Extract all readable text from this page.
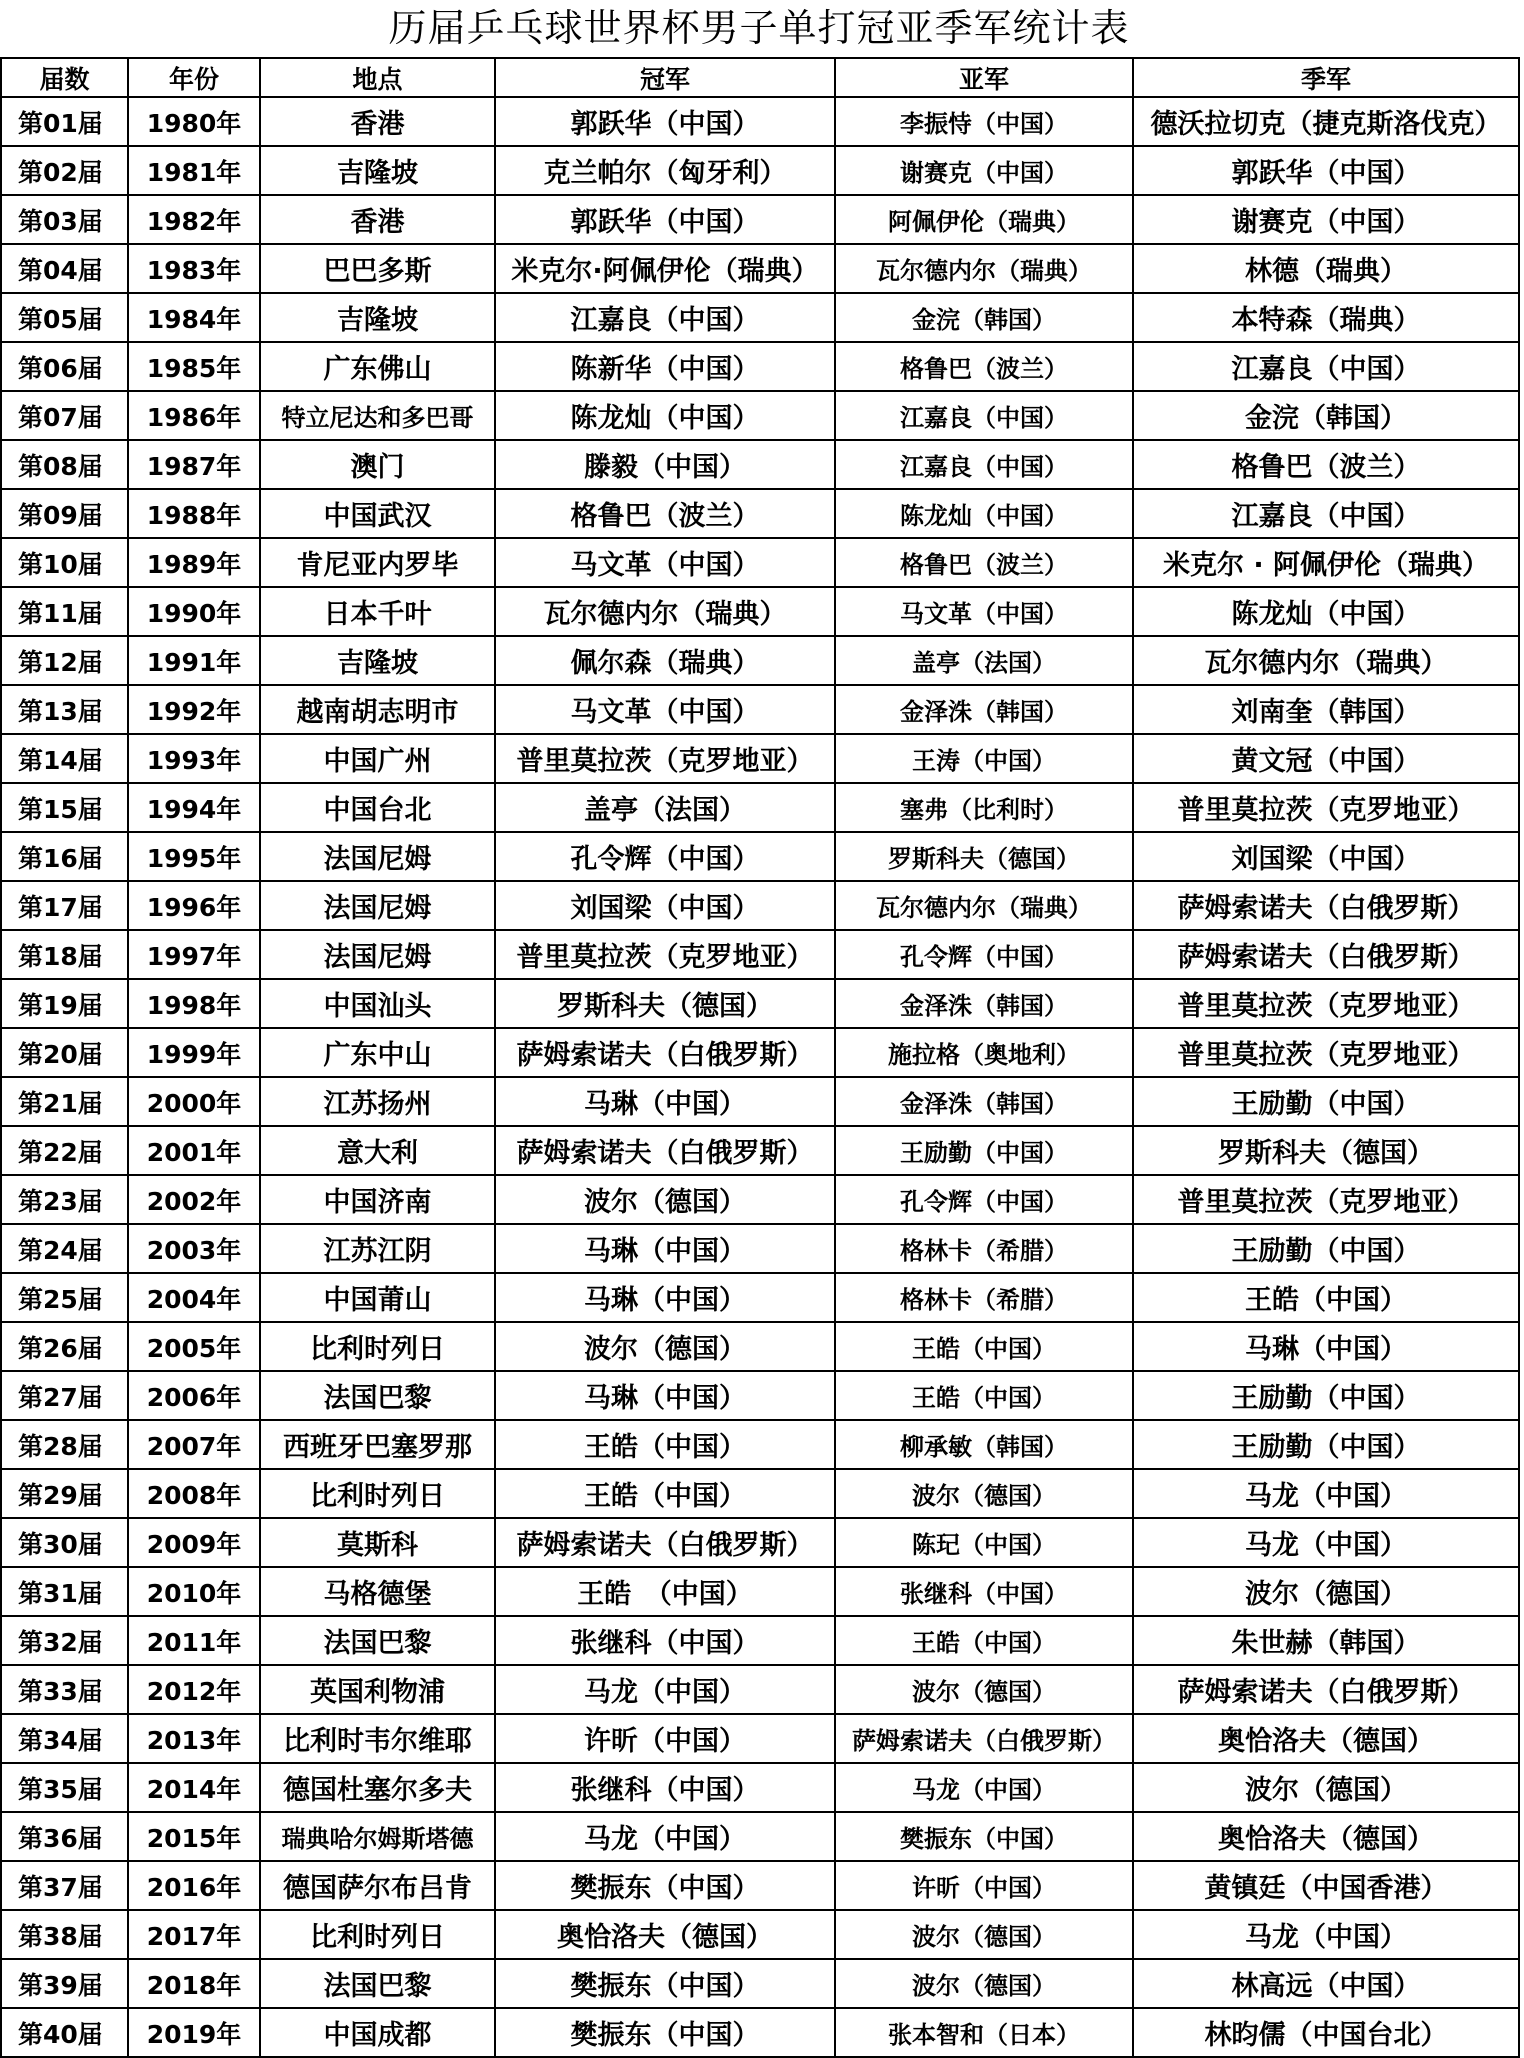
历届乒乓球世界杯男子单打冠亚季军统计表
届数	年份	地点	冠军	亚军	季军
第01届	1980年	香港	郭跃华（中国）	李振恃（中国）	德沃拉切克（捷克斯洛伐克）
第02届	1981年	吉隆坡	克兰帕尔（匈牙利）	谢赛克（中国）	郭跃华（中国）
第03届	1982年	香港	郭跃华（中国）	阿佩伊伦（瑞典）	谢赛克（中国）
第04届	1983年	巴巴多斯	米克尔·阿佩伊伦（瑞典）	瓦尔德内尔（瑞典）	林德（瑞典）
第05届	1984年	吉隆坡	江嘉良（中国）	金浣（韩国）	本特森（瑞典）
第06届	1985年	广东佛山	陈新华（中国）	格鲁巴（波兰）	江嘉良（中国）
第07届	1986年	特立尼达和多巴哥	陈龙灿（中国）	江嘉良（中国）	金浣（韩国）
第08届	1987年	澳门	滕毅（中国）	江嘉良（中国）	格鲁巴（波兰）
第09届	1988年	中国武汉	格鲁巴（波兰）	陈龙灿（中国）	江嘉良（中国）
第10届	1989年	肯尼亚内罗毕	马文革（中国）	格鲁巴（波兰）	米克尔 · 阿佩伊伦（瑞典）
第11届	1990年	日本千叶	瓦尔德内尔（瑞典）	马文革（中国）	陈龙灿（中国）
第12届	1991年	吉隆坡	佩尔森（瑞典）	盖亭（法国）	瓦尔德内尔（瑞典）
第13届	1992年	越南胡志明市	马文革（中国）	金泽洙（韩国）	刘南奎（韩国）
第14届	1993年	中国广州	普里莫拉茨（克罗地亚）	王涛（中国）	黄文冠（中国）
第15届	1994年	中国台北	盖亭（法国）	塞弗（比利时）	普里莫拉茨（克罗地亚）
第16届	1995年	法国尼姆	孔令辉（中国）	罗斯科夫（德国）	刘国梁（中国）
第17届	1996年	法国尼姆	刘国梁（中国）	瓦尔德内尔（瑞典）	萨姆索诺夫（白俄罗斯）
第18届	1997年	法国尼姆	普里莫拉茨（克罗地亚）	孔令辉（中国）	萨姆索诺夫（白俄罗斯）
第19届	1998年	中国汕头	罗斯科夫（德国）	金泽洙（韩国）	普里莫拉茨（克罗地亚）
第20届	1999年	广东中山	萨姆索诺夫（白俄罗斯）	施拉格（奥地利）	普里莫拉茨（克罗地亚）
第21届	2000年	江苏扬州	马琳（中国）	金泽洙（韩国）	王励勤（中国）
第22届	2001年	意大利	萨姆索诺夫（白俄罗斯）	王励勤（中国）	罗斯科夫（德国）
第23届	2002年	中国济南	波尔（德国）	孔令辉（中国）	普里莫拉茨（克罗地亚）
第24届	2003年	江苏江阴	马琳（中国）	格林卡（希腊）	王励勤（中国）
第25届	2004年	中国莆山	马琳（中国）	格林卡（希腊）	王皓（中国）
第26届	2005年	比利时列日	波尔（德国）	王皓（中国）	马琳（中国）
第27届	2006年	法国巴黎	马琳（中国）	王皓（中国）	王励勤（中国）
第28届	2007年	西班牙巴塞罗那	王皓（中国）	柳承敏（韩国）	王励勤（中国）
第29届	2008年	比利时列日	王皓（中国）	波尔（德国）	马龙（中国）
第30届	2009年	莫斯科	萨姆索诺夫（白俄罗斯）	陈玘（中国）	马龙（中国）
第31届	2010年	马格德堡	王皓　（中国）	张继科（中国）	波尔（德国）
第32届	2011年	法国巴黎	张继科（中国）	王皓（中国）	朱世赫（韩国）
第33届	2012年	英国利物浦	马龙（中国）	波尔（德国）	萨姆索诺夫（白俄罗斯）
第34届	2013年	比利时韦尔维耶	许昕（中国）	萨姆索诺夫（白俄罗斯）	奥恰洛夫（德国）
第35届	2014年	德国杜塞尔多夫	张继科（中国）	马龙（中国）	波尔（德国）
第36届	2015年	瑞典哈尔姆斯塔德	马龙（中国）	樊振东（中国）	奥恰洛夫（德国）
第37届	2016年	德国萨尔布吕肯	樊振东（中国）	许昕（中国）	黄镇廷（中国香港）
第38届	2017年	比利时列日	奥恰洛夫（德国）	波尔（德国）	马龙（中国）
第39届	2018年	法国巴黎	樊振东（中国）	波尔（德国）	林高远（中国）
第40届	2019年	中国成都	樊振东（中国）	张本智和（日本）	林昀儒（中国台北）
